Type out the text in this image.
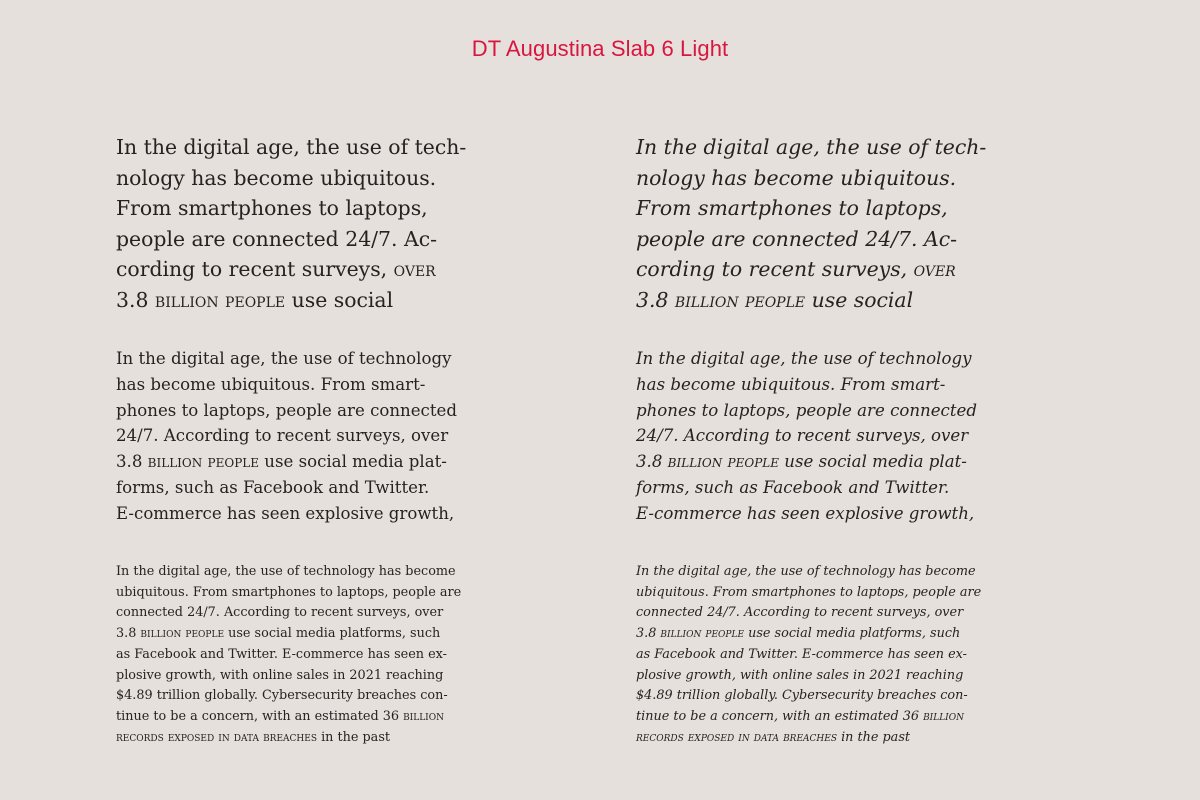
DT Augustina Slab 6 Light
In the digital age, the use of tech-
nology has become ubiquitous.
From smartphones to laptops,
people are connected 24/7. Ac-
cording to recent surveys, over
3.8 billion people use social
In the digital age, the use of technology
has become ubiquitous. From smart-
phones to laptops, people are connected
24/7. According to recent surveys, over
3.8 billion people use social media plat-
forms, such as Facebook and Twitter.
E-commerce has seen explosive growth,
In the digital age, the use of technology has become
ubiquitous. From smartphones to laptops, people are
connected 24/7. According to recent surveys, over
3.8 billion people use social media platforms, such
as Facebook and Twitter. E-commerce has seen ex-
plosive growth, with online sales in 2021 reaching
$4.89 trillion globally. Cybersecurity breaches con-
tinue to be a concern, with an estimated 36 billion
records exposed in data breaches in the past
In the digital age, the use of tech-
nology has become ubiquitous.
From smartphones to laptops,
people are connected 24/7. Ac-
cording to recent surveys, over
3.8 billion people use social
In the digital age, the use of technology
has become ubiquitous. From smart-
phones to laptops, people are connected
24/7. According to recent surveys, over
3.8 billion people use social media plat-
forms, such as Facebook and Twitter.
E-commerce has seen explosive growth,
In the digital age, the use of technology has become
ubiquitous. From smartphones to laptops, people are
connected 24/7. According to recent surveys, over
3.8 billion people use social media platforms, such
as Facebook and Twitter. E-commerce has seen ex-
plosive growth, with online sales in 2021 reaching
$4.89 trillion globally. Cybersecurity breaches con-
tinue to be a concern, with an estimated 36 billion
records exposed in data breaches in the past
